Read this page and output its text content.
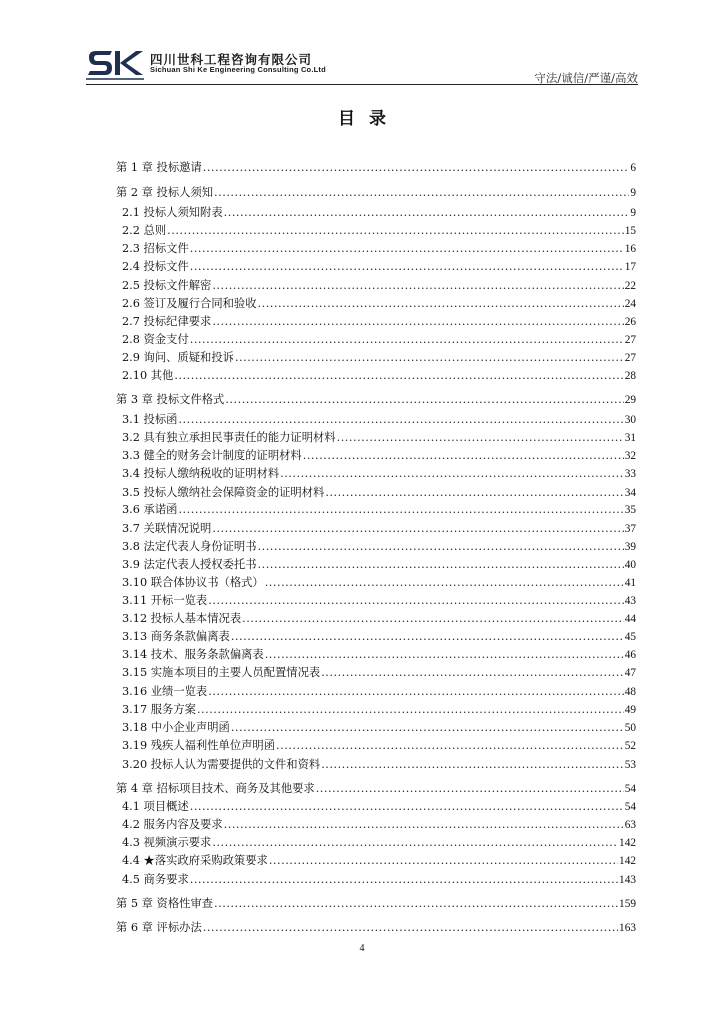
四川世科工程咨询有限公司
Sichuan Shi Ke Engineering Consulting Co.Ltd
守法/诚信/严谨/高效
目录
第 1 章 投标邀请 .....	6
第 2 章 投标人须知 .....	9
2.1 投标人须知附表 .....	9
2.2 总则 .....	15
2.3 招标文件 .....	16
2.4 投标文件 .....	17
2.5 投标文件解密 .....	22
2.6 签订及履行合同和验收 .....	24
2.7 投标纪律要求 .....	26
2.8 资金支付 .....	27
2.9 询问、质疑和投诉 .....	27
2.10 其他 .....	28
第 3 章 投标文件格式 .....	29
3.1 投标函 .....	30
3.2 具有独立承担民事责任的能力证明材料 .....	31
3.3 健全的财务会计制度的证明材料 .....	32
3.4 投标人缴纳税收的证明材料 .....	33
3.5 投标人缴纳社会保障资金的证明材料 .....	34
3.6 承诺函 .....	35
3.7 关联情况说明 .....	37
3.8 法定代表人身份证明书 .....	39
3.9 法定代表人授权委托书 .....	40
3.10 联合体协议书（格式） .....	41
3.11 开标一览表 .....	43
3.12 投标人基本情况表 .....	44
3.13 商务条款偏离表 .....	45
3.14 技术、服务条款偏离表 .....	46
3.15 实施本项目的主要人员配置情况表 .....	47
3.16 业绩一览表 .....	48
3.17 服务方案 .....	49
3.18 中小企业声明函 .....	50
3.19 残疾人福利性单位声明函 .....	52
3.20 投标人认为需要提供的文件和资料 .....	53
第 4 章 招标项目技术、商务及其他要求 .....	54
4.1 项目概述 .....	54
4.2 服务内容及要求 .....	63
4.3 视频演示要求 .....	142
4.4 ★落实政府采购政策要求 .....	142
4.5 商务要求 .....	143
第 5 章 资格性审查 .....	159
第 6 章 评标办法 .....	163
4
